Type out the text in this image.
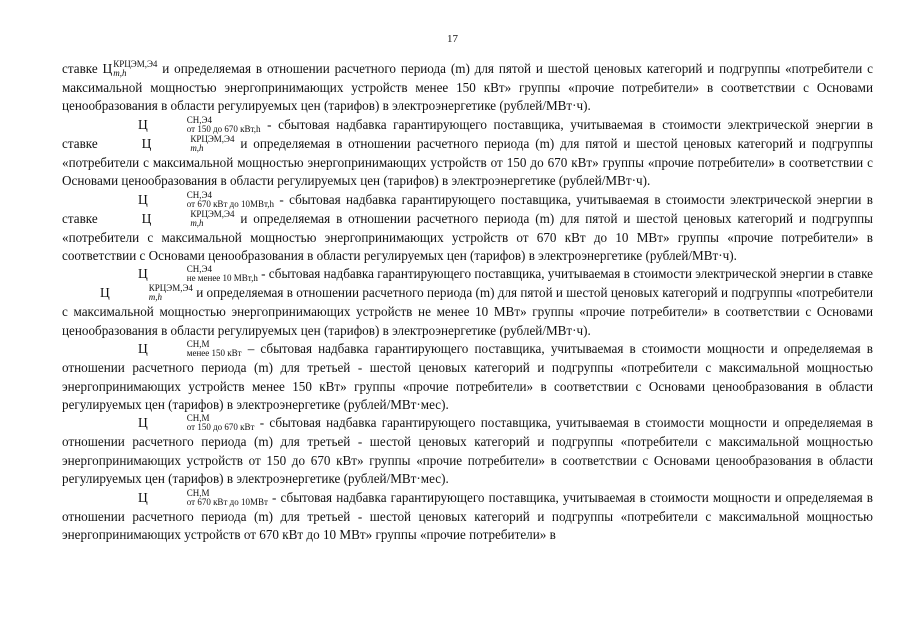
17

ставке Ц КРЦЭМ,Э4
m,h	и определяемая в отношении расчетного периода (m) для пятой и шестой ценовых категорий и подгруппы «потребители с максимальной мощностью энергопринимающих устройств менее 150 кВт» группы «прочие потребители» в соответствии с Основами ценообразования в области регулируемых цен (тарифов) в электроэнергетике (рублей/МВт·ч).

Ц	СН,Э4
от 150 до 670 кВт,h - сбытовая надбавка гарантирующего поставщика, учитываемая в стоимости электрической энергии в ставке	Ц	КРЦЭМ,Э4
m,h	и определяемая в отношении расчетного периода (m) для пятой и шестой ценовых категорий и подгруппы «потребители с максимальной мощностью энергопринимающих устройств от 150 до 670 кВт» группы «прочие потребители» в соответствии с Основами ценообразования в области регулируемых цен (тарифов) в электроэнергетике (рублей/МВт·ч).

Ц	СН,Э4
от 670 кВт до 10МВт,h - сбытовая надбавка гарантирующего поставщика, учитываемая в стоимости электрической энергии в ставке	Ц	КРЦЭМ,Э4
m,h	и определяемая в отношении расчетного периода (m) для пятой и шестой ценовых категорий и подгруппы «потребители с максимальной мощностью энергопринимающих устройств от 670 кВт до 10 МВт» группы «прочие потребители» в соответствии с Основами ценообразования в области регулируемых цен (тарифов) в электроэнергетике (рублей/МВт·ч).

Ц	СН,Э4
не менее 10 МВт,h - сбытовая надбавка гарантирующего поставщика, учитываемая в стоимости электрической энергии в ставке Ц	КРЦЭМ,Э4
m,h	и определяемая в отношении расчетного периода (m) для пятой и шестой ценовых категорий и подгруппы «потребители с максимальной мощностью энергопринимающих устройств не менее 10 МВт» группы «прочие потребители» в соответствии с Основами ценообразования в области регулируемых цен (тарифов) в электроэнергетике (рублей/МВт·ч).

Ц	СН,М
менее 150 кВт – сбытовая надбавка гарантирующего поставщика, учитываемая в стоимости мощности и определяемая в отношении расчетного периода (m) для третьей - шестой ценовых категорий и подгруппы «потребители с максимальной мощностью энергопринимающих устройств менее 150 кВт» группы «прочие потребители» в соответствии с Основами ценообразования в области регулируемых цен (тарифов) в электроэнергетике (рублей/МВт·мес).

Ц	СН,М
от 150 до 670 кВт - сбытовая надбавка гарантирующего поставщика, учитываемая в стоимости мощности и определяемая в отношении расчетного периода (m) для третьей - шестой ценовых категорий и подгруппы «потребители с максимальной мощностью энергопринимающих устройств от 150 до 670 кВт» группы «прочие потребители» в соответствии с Основами ценообразования в области регулируемых цен (тарифов) в электроэнергетике (рублей/МВт·мес).

Ц	СН,М
от 670 кВт до 10МВт - сбытовая надбавка гарантирующего поставщика, учитываемая в стоимости мощности и определяемая в отношении расчетного периода (m) для третьей - шестой ценовых категорий и подгруппы «потребители с максимальной мощностью энергопринимающих устройств от 670 кВт до 10 МВт» группы «прочие потребители» в
